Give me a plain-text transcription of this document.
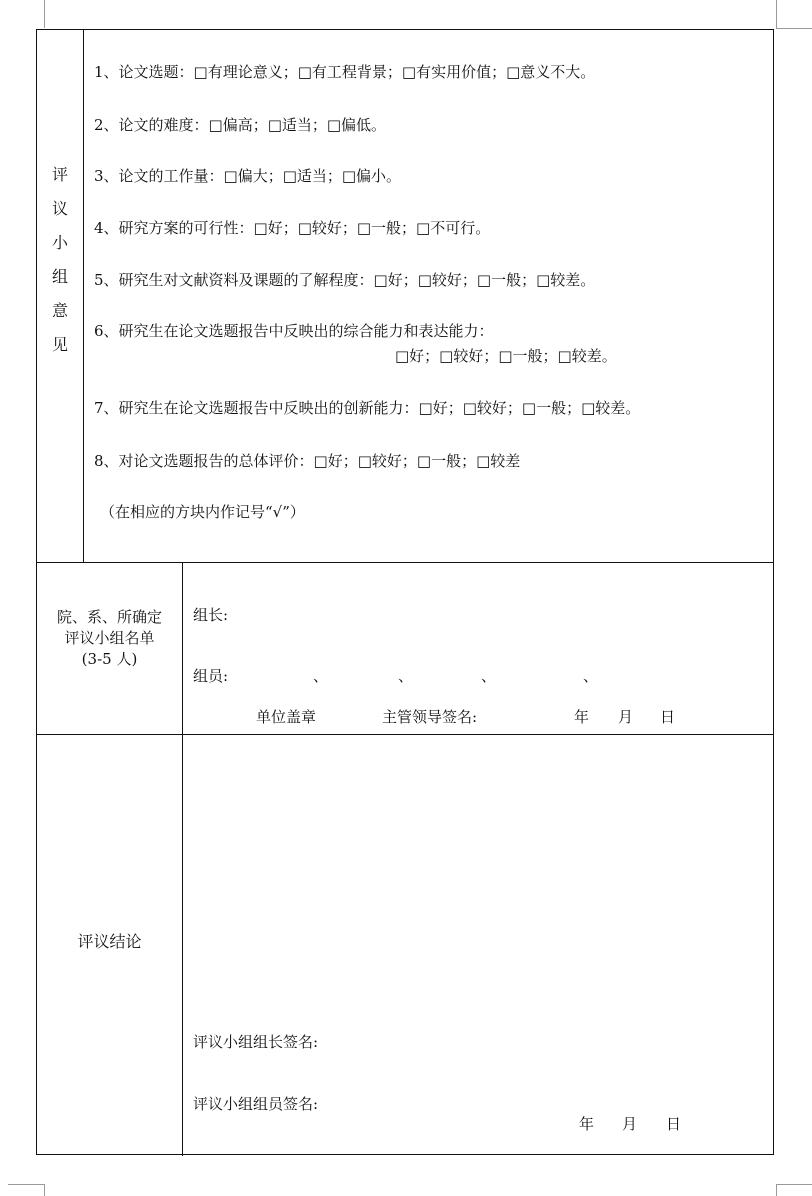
评
议
小
组
意
见
1、论文选题：□有理论意义；□有工程背景；□有实用价值；□意义不大。
2、论文的难度：□偏高；□适当；□偏低。
3、论文的工作量：□偏大；□适当；□偏小。
4、研究方案的可行性：□好；□较好；□一般；□不可行。
5、研究生对文献资料及课题的了解程度：□好；□较好；□一般；□较差。
6、研究生在论文选题报告中反映出的综合能力和表达能力：
□好；□较好；□一般；□较差。
7、研究生在论文选题报告中反映出的创新能力：□好；□较好；□一般；□较差。
8、对论文选题报告的总体评价：□好；□较好；□一般；□较差
（在相应的方块内作记号“√”）
院、系、所确定
评议小组名单
(3-5 人)
组长:
组员:	、	、	、	、
单位盖章	主管领导签名:	年 月 日
评议结论
评议小组组长签名:
评议小组组员签名:
年 月 日
